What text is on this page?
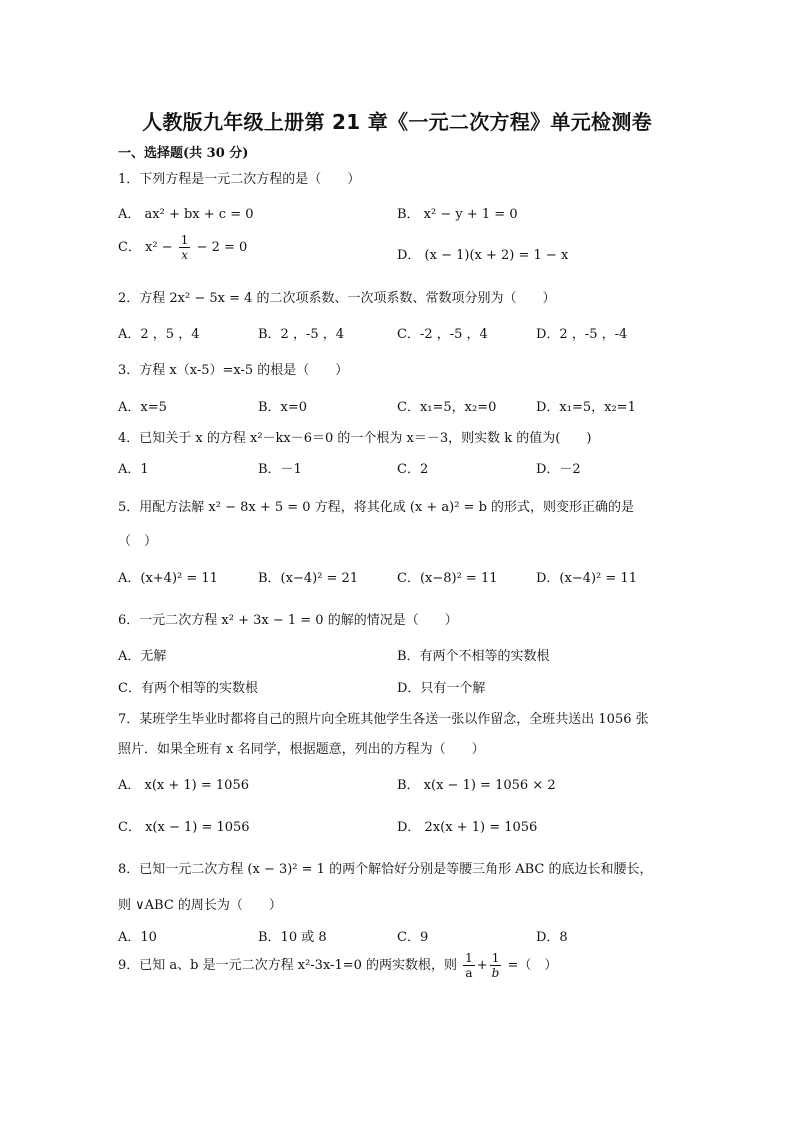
人教版九年级上册第 21 章《一元二次方程》单元检测卷
一、选择题(共 30 分)
1．下列方程是一元二次方程的是（　　）
A． ax² + bx + c = 0	B． x² − y + 1 = 0
C． $x^2 - \frac{1}{x} - 2 = 0$
D． (x − 1)(x + 2) = 1 − x
2．方程 2x² − 5x = 4 的二次项系数、一次项系数、常数项分别为（　　）
A．2 ，5 ，4	B．2 ，-5 ，4	C．-2 ，-5 ，4	D．2 ，-5 ，-4
3．方程 x（x-5）=x-5 的根是（　　）
A．x=5	B．x=0	C．x₁=5，x₂=0	D．x₁=5，x₂=1
4．已知关于 x 的方程 x²－kx－6＝0 的一个根为 x＝－3，则实数 k 的值为(　　)
A．1	B．－1	C．2	D．－2
5．用配方法解 x² − 8x + 5 = 0 方程，将其化成 (x + a)² = b 的形式，则变形正确的是
（　）
A．(x+4)² = 11	B．(x−4)² = 21	C．(x−8)² = 11	D．(x−4)² = 11
6．一元二次方程 x² + 3x − 1 = 0 的解的情况是（　　）
A．无解	B．有两个不相等的实数根
C．有两个相等的实数根	D．只有一个解
7．某班学生毕业时都将自己的照片向全班其他学生各送一张以作留念，全班共送出 1056 张
照片．如果全班有 x 名同学，根据题意，列出的方程为（　　）
A． x(x + 1) = 1056	B． x(x − 1) = 1056 × 2
C． x(x − 1) = 1056	D． 2x(x + 1) = 1056
8．已知一元二次方程 (x − 3)² = 1 的两个解恰好分别是等腰三角形 ABC 的底边长和腰长，
则 ∨ABC 的周长为（　　）
A．10	B．10 或 8	C．9	D．8
9．已知 a、b 是一元二次方程 x²-3x-1=0 的两实数根，则 $\frac{1}{a} + \frac{1}{b}$ =（　）
